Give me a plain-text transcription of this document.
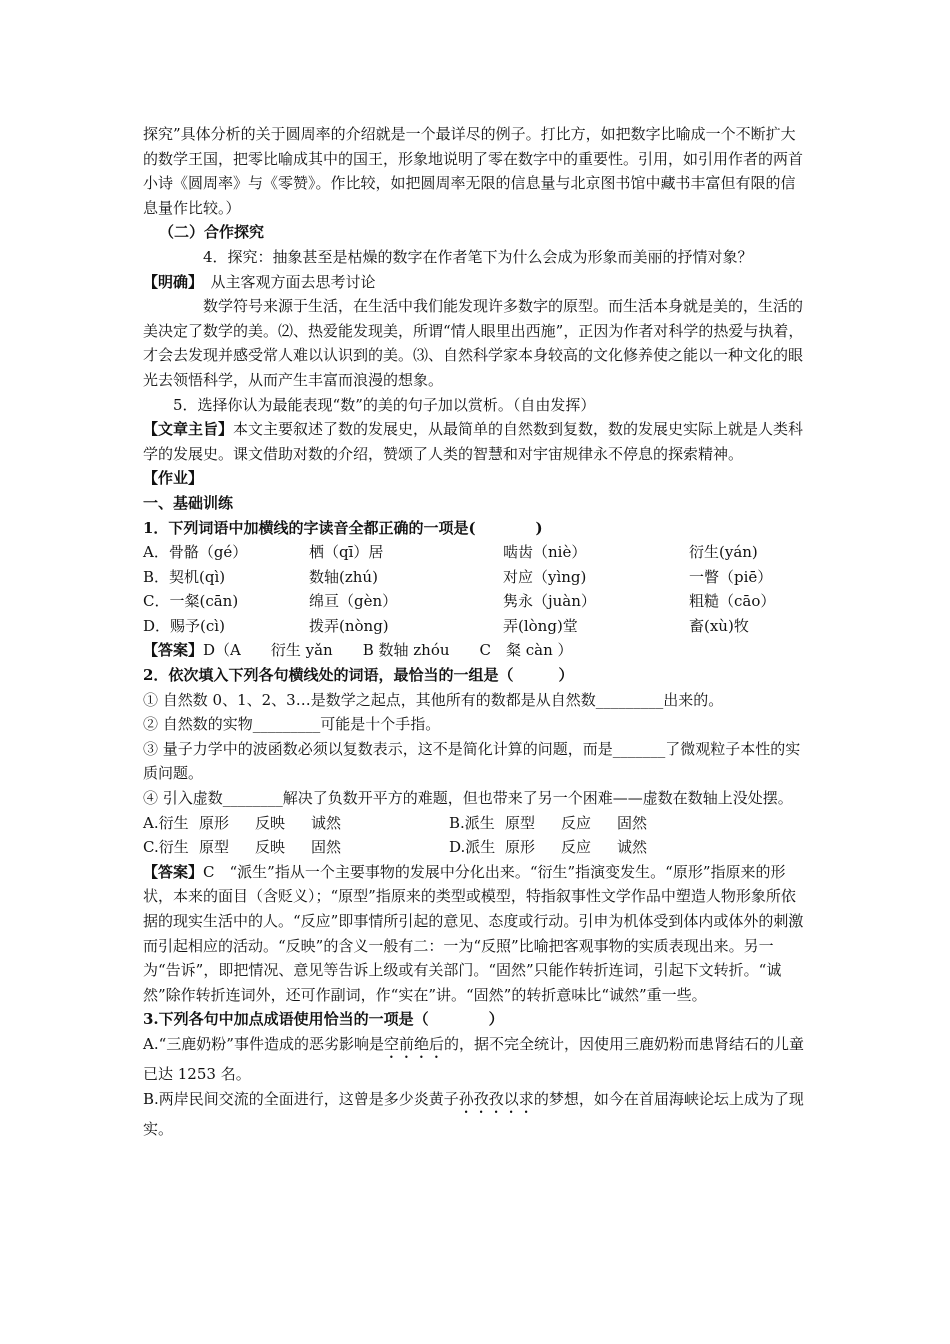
探究”具体分析的关于圆周率的介绍就是一个最详尽的例子。打比方，如把数字比喻成一个不断扩大的数学王国，把零比喻成其中的国王，形象地说明了零在数字中的重要性。引用，如引用作者的两首小诗《圆周率》与《零赞》。作比较，如把圆周率无限的信息量与北京图书馆中藏书丰富但有限的信息量作比较。）

（二）合作探究

4．探究：抽象甚至是枯燥的数字在作者笔下为什么会成为形象而美丽的抒情对象？

【明确】　从主客观方面去思考讨论

数学符号来源于生活，在生活中我们能发现许多数字的原型。而生活本身就是美的，生活的美决定了数学的美。⑵、热爱能发现美，所谓“情人眼里出西施”，正因为作者对科学的热爱与执着，才会去发现并感受常人难以认识到的美。⑶、自然科学家本身较高的文化修养使之能以一种文化的眼光去领悟科学，从而产生丰富而浪漫的想象。

5．选择你认为最能表现“数”的美的句子加以赏析。（自由发挥）

【文章主旨】本文主要叙述了数的发展史，从最简单的自然数到复数，数的发展史实际上就是人类科学的发展史。课文借助对数的介绍，赞颂了人类的智慧和对宇宙规律永不停息的探索精神。

【作业】

一、基础训练

1．下列词语中加横线的字读音全都正确的一项是(　　　　)

A．骨骼（gé）	栖（qī）居	啮齿（niè）	衍生(yán)
B．契机(qì)	数轴(zhú)	对应（yìng)	一瞥（piē）
C．一粲(cān)	绵亘（gèn）	隽永（juàn）	粗糙（cāo）
D．赐予(cì)	拨弄(nòng)	弄(lòng)堂	畜(xù)牧

【答案】D（A　　衍生 yǎn　　B 数轴 zhóu　　C　粲 càn ）

2．依次填入下列各句横线处的词语，最恰当的一组是（　　　）

① 自然数 0、1、2、3…是数学之起点，其他所有的数都是从自然数_________出来的。

② 自然数的实物_________可能是十个手指。

③ 量子力学中的波函数必须以复数表示，这不是简化计算的问题，而是_______了微观粒子本性的实质问题。

④ 引入虚数________解决了负数开平方的难题，但也带来了另一个困难——虚数在数轴上没处摆。

A.衍生 原形	反映	诚然	B.派生 原型	反应	固然
C.衍生 原型	反映	固然	D.派生 原形	反应	诚然

【答案】C　“派生”指从一个主要事物的发展中分化出来。“衍生”指演变发生。“原形”指原来的形状，本来的面目（含贬义）；“原型”指原来的类型或模型，特指叙事性文学作品中塑造人物形象所依据的现实生活中的人。“反应”即事情所引起的意见、态度或行动。引申为机体受到体内或体外的刺激而引起相应的活动。“反映”的含义一般有二：一为“反照”比喻把客观事物的实质表现出来。另一为“告诉”，即把情况、意见等告诉上级或有关部门。“固然”只能作转折连词，引起下文转折。“诚然”除作转折连词外，还可作副词，作“实在”讲。“固然”的转折意味比“诚然”重一些。

3.下列各句中加点成语使用恰当的一项是（　　　　）

A.“三鹿奶粉”事件造成的恶劣影响是空前绝后的，据不完全统计，因使用三鹿奶粉而患肾结石的儿童已达 1253 名。

B.两岸民间交流的全面进行，这曾是多少炎黄子孙孜孜以求的梦想，如今在首届海峡论坛上成为了现实。
